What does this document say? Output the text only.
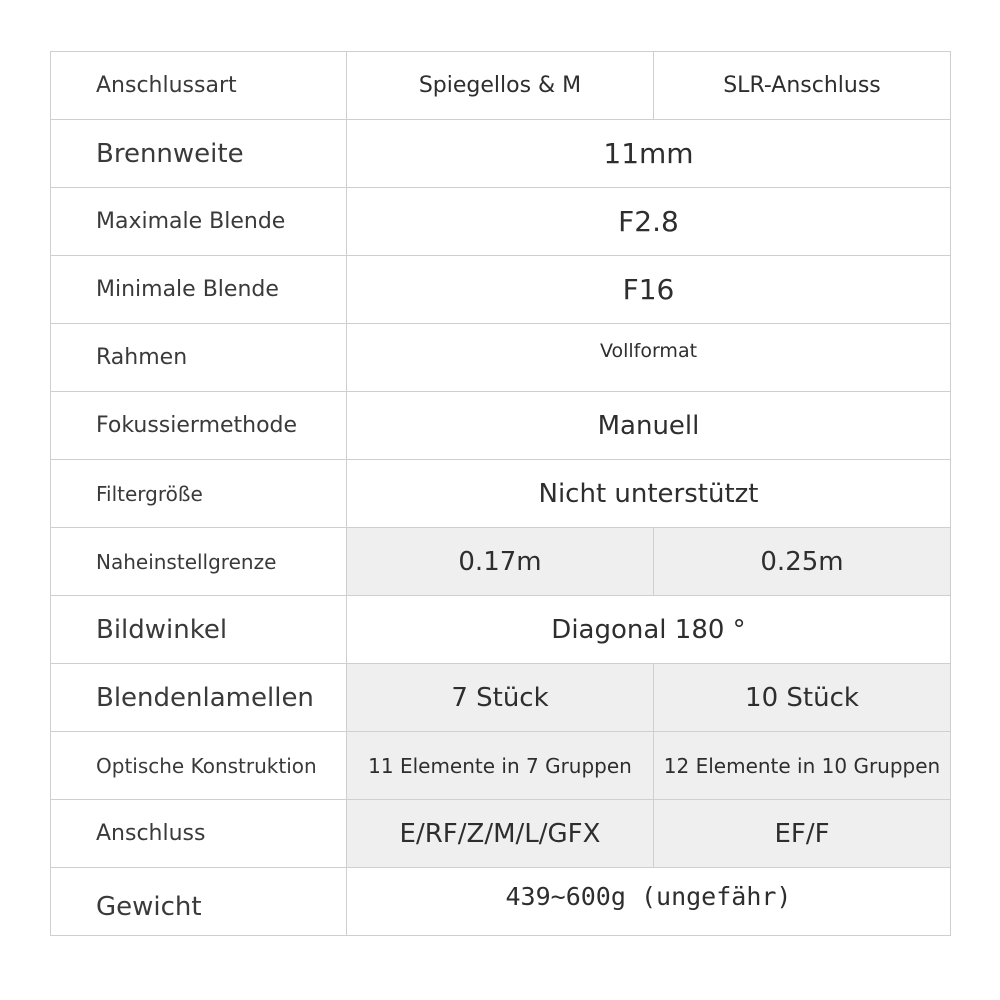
Anschlussart	Spiegellos & M	SLR-Anschluss
Brennweite	11mm	
Maximale Blende	F2.8	
Minimale Blende	F16	
Rahmen	Vollformat	
Fokussiermethode	Manuell	
Filtergröße	Nicht unterstützt	
Naheinstellgrenze	0.17m	0.25m
Bildwinkel	Diagonal 180 °	
Blendenlamellen	7 Stück	10 Stück
Optische Konstruktion	11 Elemente in 7 Gruppen	12 Elemente in 10 Gruppen
Anschluss	E/RF/Z/M/L/GFX	EF/F
Gewicht	439~600g (ungefähr)	
